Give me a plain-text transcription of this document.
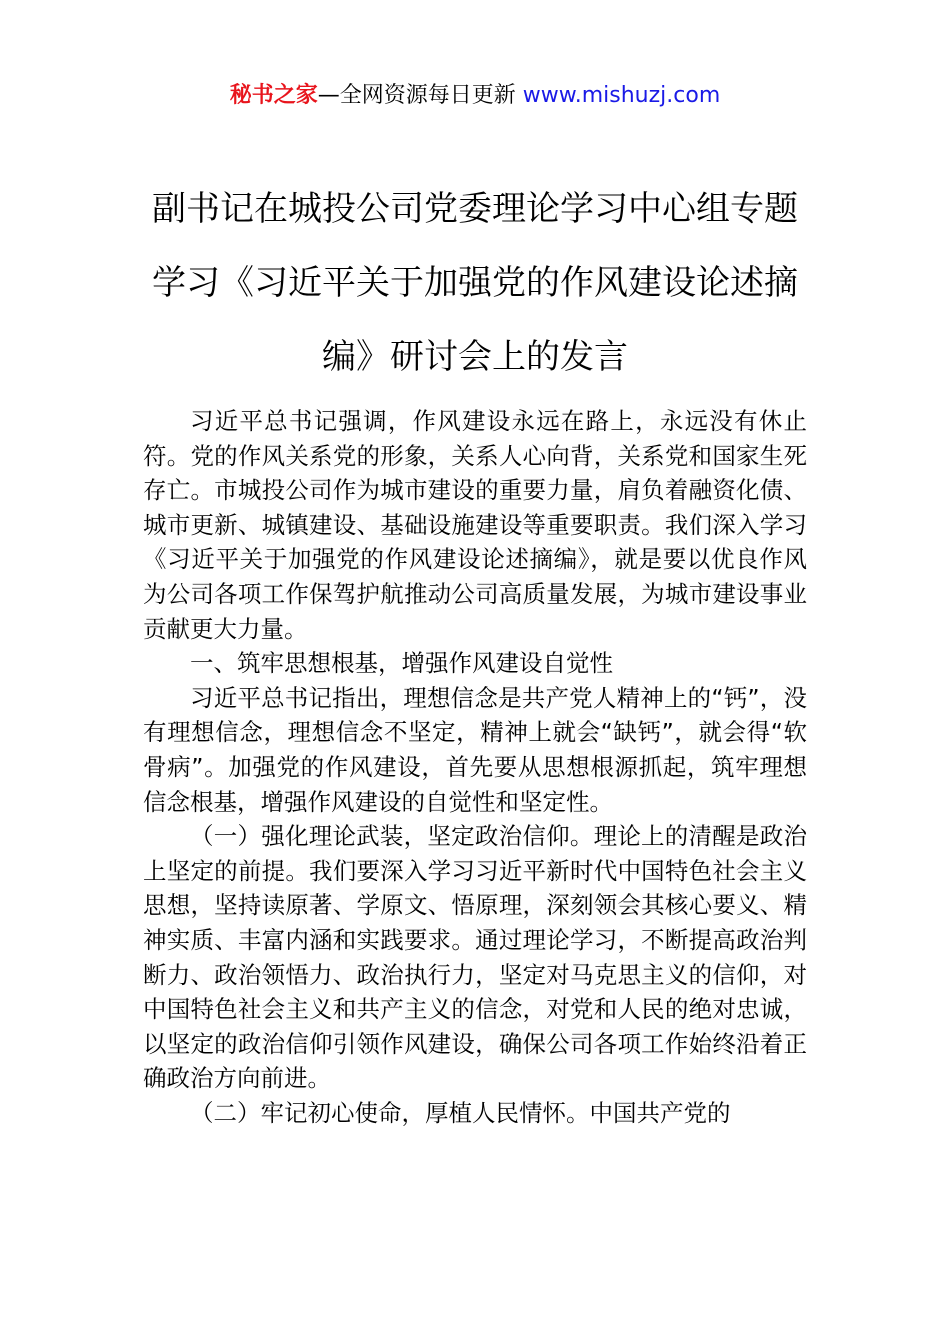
秘书之家—全网资源每日更新 www.mishuzj.com
副书记在城投公司党委理论学习中心组专题学习《习近平关于加强党的作风建设论述摘编》研讨会上的发言

习近平总书记强调，作风建设永远在路上，永远没有休止符。党的作风关系党的形象，关系人心向背，关系党和国家生死存亡。市城投公司作为城市建设的重要力量，肩负着融资化债、城市更新、城镇建设、基础设施建设等重要职责。我们深入学习《习近平关于加强党的作风建设论述摘编》，就是要以优良作风为公司各项工作保驾护航推动公司高质量发展，为城市建设事业贡献更大力量。

一、筑牢思想根基，增强作风建设自觉性

习近平总书记指出，理想信念是共产党人精神上的“钙”，没有理想信念，理想信念不坚定，精神上就会“缺钙”，就会得“软骨病”。加强党的作风建设，首先要从思想根源抓起，筑牢理想信念根基，增强作风建设的自觉性和坚定性。

（一）强化理论武装，坚定政治信仰。理论上的清醒是政治上坚定的前提。我们要深入学习习近平新时代中国特色社会主义思想，坚持读原著、学原文、悟原理，深刻领会其核心要义、精神实质、丰富内涵和实践要求。通过理论学习，不断提高政治判断力、政治领悟力、政治执行力，坚定对马克思主义的信仰，对中国特色社会主义和共产主义的信念，对党和人民的绝对忠诚，以坚定的政治信仰引领作风建设，确保公司各项工作始终沿着正确政治方向前进。

（二）牢记初心使命，厚植人民情怀。中国共产党的
